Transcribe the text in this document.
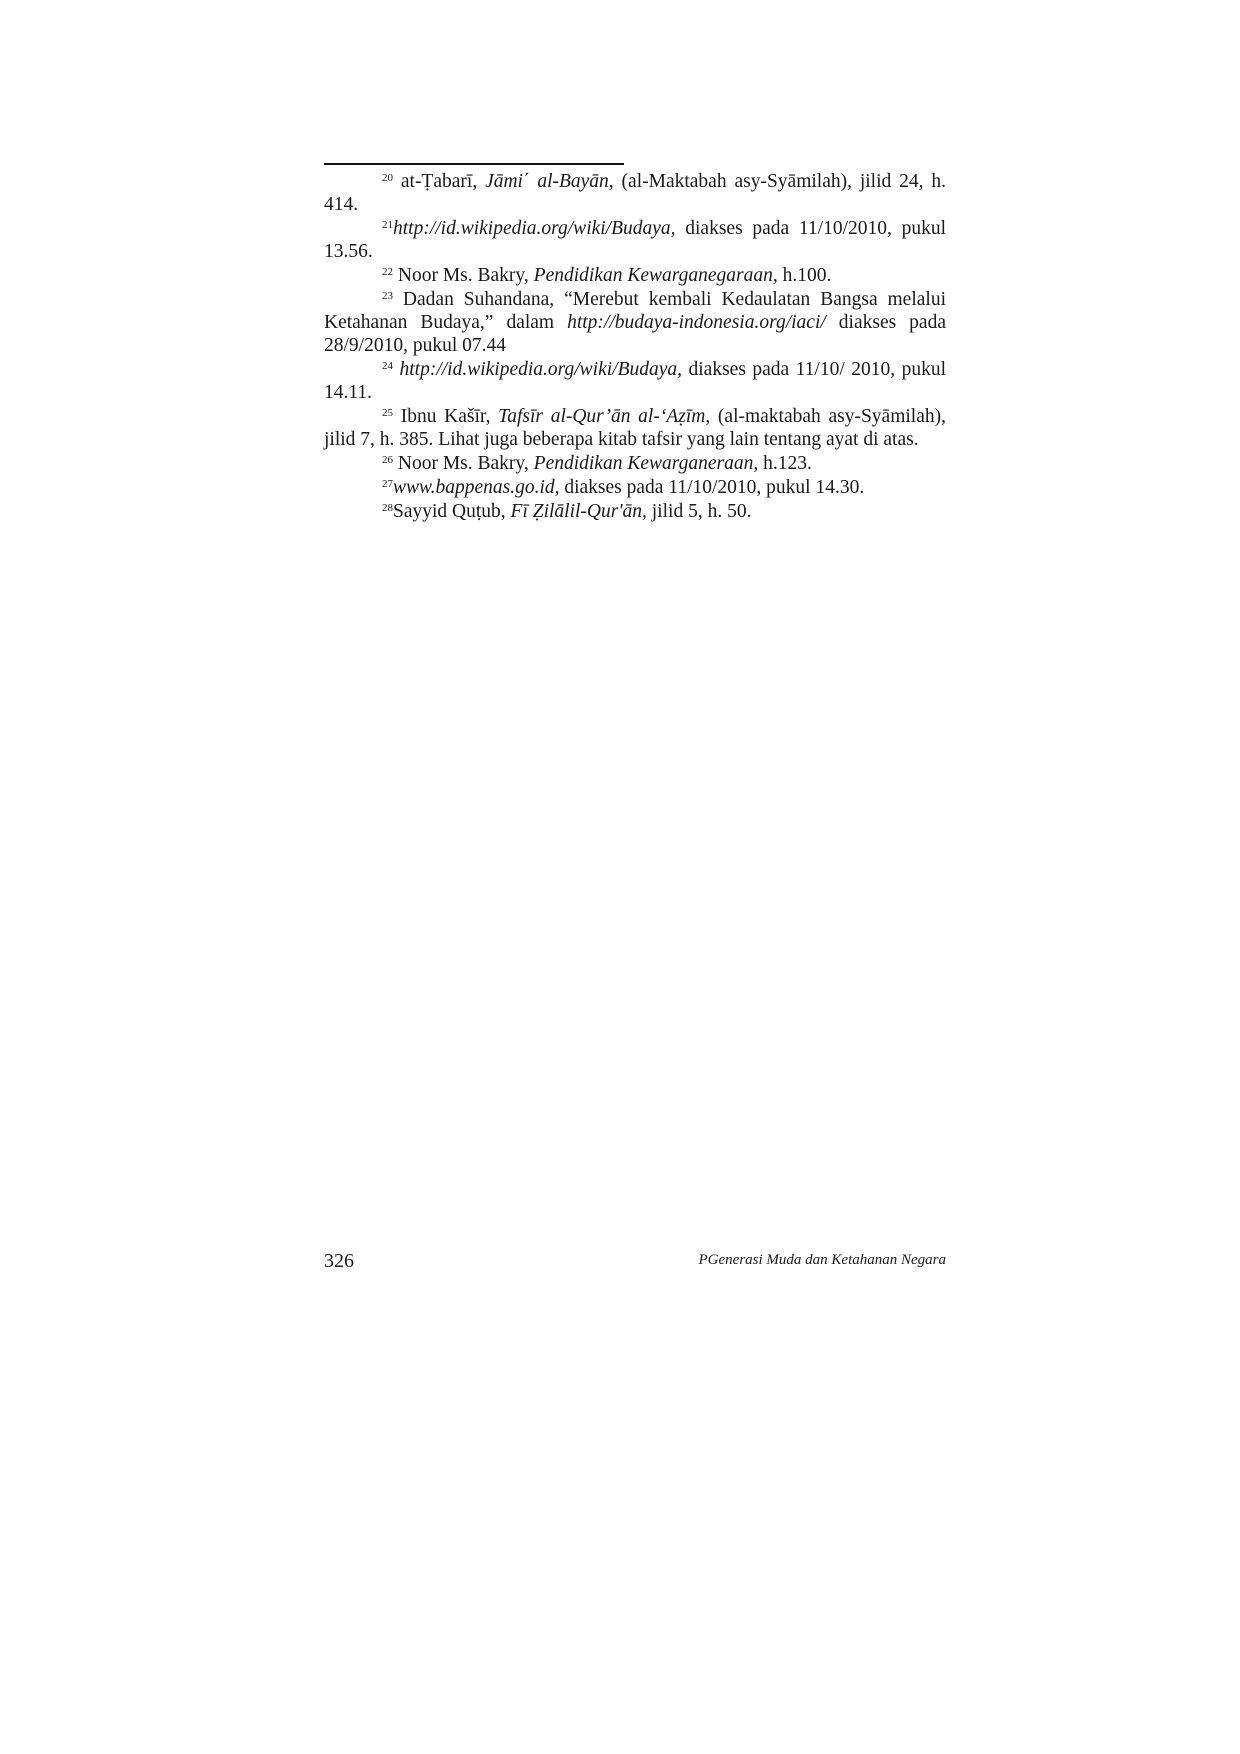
$^{20}$ at-Ṭabarī, Jāmi΄ al-Bayān, (al-Maktabah asy-Syāmilah), jilid 24, h. 414.

$^{21}$http://id.wikipedia.org/wiki/Budaya, diakses pada 11/10/2010, pukul 13.56.

$^{22}$ Noor Ms. Bakry, Pendidikan Kewarganegaraan, h.100.

$^{23}$ Dadan Suhandana, “Merebut kembali Kedaulatan Bangsa melalui Ketahanan Budaya,” dalam http://budaya-indonesia.org/iaci/ diakses pada 28/9/2010, pukul 07.44

$^{24}$ http://id.wikipedia.org/wiki/Budaya, diakses pada 11/10/ 2010, pukul 14.11.

$^{25}$ Ibnu Kašīr, Tafsīr al-Qur’ān al-‘Aẓīm, (al-maktabah asy-Syāmilah), jilid 7, h. 385. Lihat juga beberapa kitab tafsir yang lain tentang ayat di atas.

$^{26}$ Noor Ms. Bakry, Pendidikan Kewarganeraan, h.123.

$^{27}$www.bappenas.go.id, diakses pada 11/10/2010, pukul 14.30.

$^{28}$Sayyid Quṭub, Fī Ẓilālil-Qur'ān, jilid 5, h. 50.

326	PGenerasi Muda dan Ketahanan Negara
